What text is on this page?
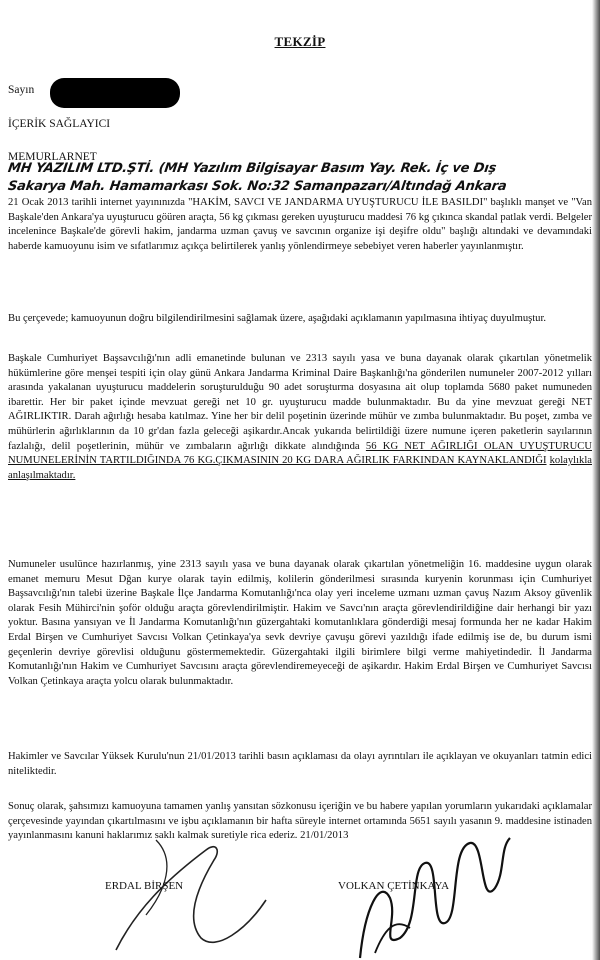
TEKZİP
Sayın
İÇERİK SAĞLAYICI
MEMURLARNET
MH YAZILIM LTD.ŞTİ. (MH Yazılım Bilgisayar Basım Yay. Rek. İç ve Dış
Sakarya Mah. Hamamarkası Sok. No:32 Samanpazarı/Altındağ Ankara

21 Ocak 2013 tarihli internet yayınınızda "HAKİM, SAVCI VE JANDARMA UYUŞTURUCU İLE BASILDI" başlıklı manşet ve "Van Başkale'den Ankara'ya uyuşturucu göüren araçta, 56 kg çıkması gereken uyuşturucu maddesi 76 kg çıkınca skandal patlak verdi. Belgeler incelenince Başkale'de görevli hakim, jandarma uzman çavuş ve savcının organize işi deşifre oldu" başlığı altındaki ve devamındaki haberde kamuoyunu isim ve sıfatlarımız açıkça belirtilerek yanlış yönlendirmeye sebebiyet veren haberler yayınlanmıştır.

Bu çerçevede; kamuoyunun doğru bilgilendirilmesini sağlamak üzere, aşağıdaki açıklamanın yapılmasına ihtiyaç duyulmuştur.

Başkale Cumhuriyet Başsavcılığı'nın adli emanetinde bulunan ve 2313 sayılı yasa ve buna dayanak olarak çıkartılan yönetmelik hükümlerine göre menşei tespiti için olay günü Ankara Jandarma Kriminal Daire Başkanlığı'na gönderilen numuneler 2007-2012 yılları arasında yakalanan uyuşturucu maddelerin soruşturulduğu 90 adet soruşturma dosyasına ait olup toplamda 5680 paket numuneden ibarettir. Her bir paket içinde mevzuat gereği net 10 gr. uyuşturucu madde bulunmaktadır. Bu da yine mevzuat gereği NET AĞIRLIKTIR. Darah ağırlığı hesaba katılmaz. Yine her bir delil poşetinin üzerinde mühür ve zımba bulunmaktadır. Bu poşet, zımba ve mühürlerin ağırlıklarının da 10 gr'dan fazla geleceği aşikardır.Ancak yukarıda belirtildiği üzere numune içeren paketlerin sayılarının fazlalığı, delil poşetlerinin, mühür ve zımbaların ağırlığı dikkate alındığında 56 KG NET AĞIRLIĞI OLAN UYUŞTURUCU NUMUNELERİNİN TARTILDIĞINDA 76 KG.ÇIKMASININ 20 KG DARA AĞIRLIK FARKINDAN KAYNAKLANDIĞI kolaylıkla anlaşılmaktadır.

Numuneler usulünce hazırlanmış, yine 2313 sayılı yasa ve buna dayanak olarak çıkartılan yönetmeliğin 16. maddesine uygun olarak emanet memuru Mesut Dğan kurye olarak tayin edilmiş, kolilerin gönderilmesi sırasında kuryenin korunması için Cumhuriyet Başsavcılığı'nın talebi üzerine Başkale İlçe Jandarma Komutanlığı'nca olay yeri inceleme uzmanı uzman çavuş Nazım Aksoy güvenlik olarak Fesih Mühirci'nin şoför olduğu araçta görevlendirilmiştir. Hakim ve Savcı'nın araçta görevlendirildiğine dair herhangi bir yazı yoktur. Basına yansıyan ve İl Jandarma Komutanlığı'nın güzergahtaki komutanlıklara gönderdiği mesaj formunda her ne kadar Hakim Erdal Birşen ve Cumhuriyet Savcısı Volkan Çetinkaya'ya sevk devriye çavuşu görevi yazıldığı ifade edilmiş ise de, bu durum ismi geçenlerin devriye görevlisi olduğunu göstermemektedir. Güzergahtaki ilgili birimlere bilgi verme mahiyetindedir. İl Jandarma Komutanlığı'nın Hakim ve Cumhuriyet Savcısını araçta görevlendiremeyeceği de aşikardır. Hakim Erdal Birşen ve Cumhuriyet Savcısı Volkan Çetinkaya araçta yolcu olarak bulunmaktadır.

Hakimler ve Savcılar Yüksek Kurulu'nun 21/01/2013 tarihli basın açıklaması da olayı ayrıntıları ile açıklayan ve okuyanları tatmin edici niteliktedir.

Sonuç olarak, şahsımızı kamuoyuna tamamen yanlış yansıtan sözkonusu içeriğin ve bu habere yapılan yorumların yukarıdaki açıklamalar çerçevesinde yayından çıkartılmasını ve işbu açıklamanın bir hafta süreyle internet ortamında 5651 sayılı yasanın 9. maddesine istinaden yayınlanmasını kanuni haklarımız saklı kalmak suretiyle rica ederiz. 21/01/2013

ERDAL BİRŞEN	VOLKAN ÇETİNKAYA
